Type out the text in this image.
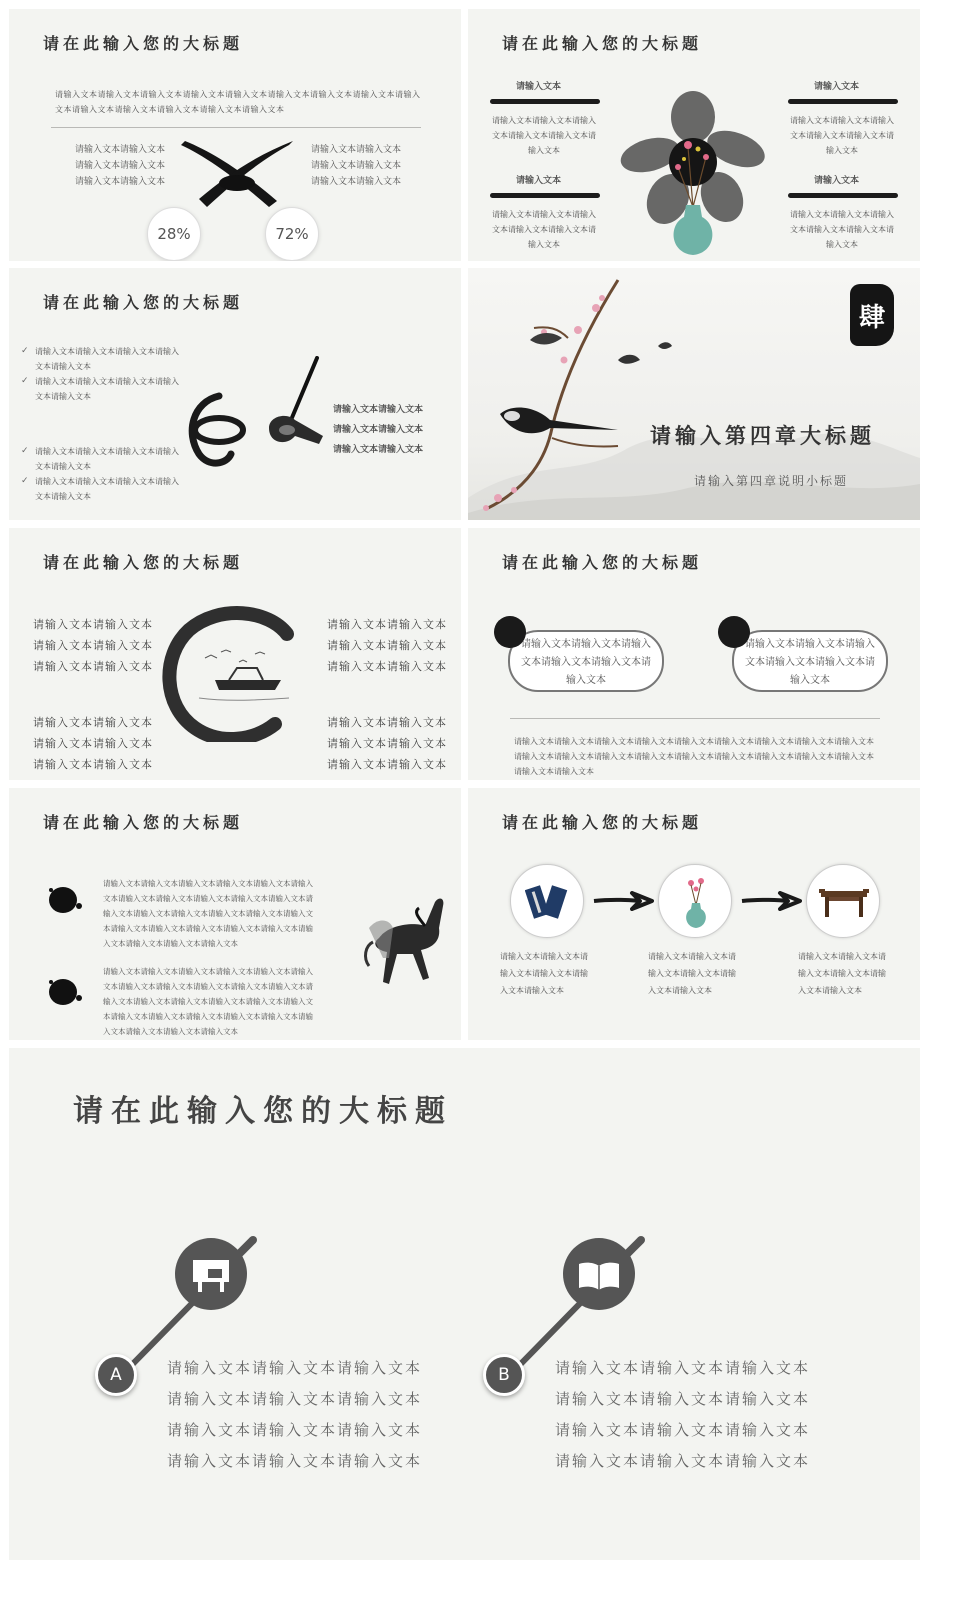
请在此输入您的大标题
请输入文本请输入文本请输入文本请输入文本请输入文本请输入文本请输入文本请输入文本请输入文本请输入文本请输入文本请输入文本请输入文本请输入文本
请输入文本请输入文本
请输入文本请输入文本
请输入文本请输入文本
请输入文本请输入文本
请输入文本请输入文本
请输入文本请输入文本
28%	72%
请在此输入您的大标题
请输入文本
请输入文本请输入文本请输入文本请输入文本请输入文本请输入文本
请输入文本
请输入文本请输入文本请输入文本请输入文本请输入文本请输入文本
请输入文本
请输入文本请输入文本请输入文本请输入文本请输入文本请输入文本
请输入文本
请输入文本请输入文本请输入文本请输入文本请输入文本请输入文本
请在此输入您的大标题
✓ 请输入文本请输入文本请输入文本请输入文本请输入文本
✓ 请输入文本请输入文本请输入文本请输入文本请输入文本
✓ 请输入文本请输入文本请输入文本请输入文本请输入文本
✓ 请输入文本请输入文本请输入文本请输入文本请输入文本
请输入文本请输入文本
请输入文本请输入文本
请输入文本请输入文本
肆
请输入第四章大标题
请输入第四章说明小标题
请在此输入您的大标题
请输入文本请输入文本
请输入文本请输入文本
请输入文本请输入文本
请输入文本请输入文本
请输入文本请输入文本
请输入文本请输入文本
请输入文本请输入文本
请输入文本请输入文本
请输入文本请输入文本
请输入文本请输入文本
请输入文本请输入文本
请输入文本请输入文本
请在此输入您的大标题
请输入文本请输入文本请输入文本请输入文本请输入文本请输入文本
请输入文本请输入文本请输入文本请输入文本请输入文本请输入文本
请输入文本请输入文本请输入文本请输入文本请输入文本请输入文本请输入文本请输入文本请输入文本请输入文本请输入文本请输入文本请输入文本请输入文本请输入文本请输入文本请输入文本请输入文本请输入文本请输入文本
请在此输入您的大标题
请输入文本请输入文本请输入文本请输入文本请输入文本请输入文本请输入文本请输入文本请输入文本请输入文本请输入文本请输入文本请输入文本请输入文本请输入文本请输入文本请输入文本请输入文本请输入文本请输入文本请输入文本请输入文本请输入文本请输入文本请输入文本请输入文本
请输入文本请输入文本请输入文本请输入文本请输入文本请输入文本请输入文本请输入文本请输入文本请输入文本请输入文本请输入文本请输入文本请输入文本请输入文本请输入文本请输入文本请输入文本请输入文本请输入文本请输入文本请输入文本请输入文本请输入文本请输入文本请输入文本
请在此输入您的大标题
请输入文本请输入文本请输入文本请输入文本请输入文本请输入文本
请输入文本请输入文本请输入文本请输入文本请输入文本请输入文本
请输入文本请输入文本请输入文本请输入文本请输入文本请输入文本
请在此输入您的大标题
A	请输入文本请输入文本请输入文本
请输入文本请输入文本请输入文本
请输入文本请输入文本请输入文本
请输入文本请输入文本请输入文本
B	请输入文本请输入文本请输入文本
请输入文本请输入文本请输入文本
请输入文本请输入文本请输入文本
请输入文本请输入文本请输入文本
